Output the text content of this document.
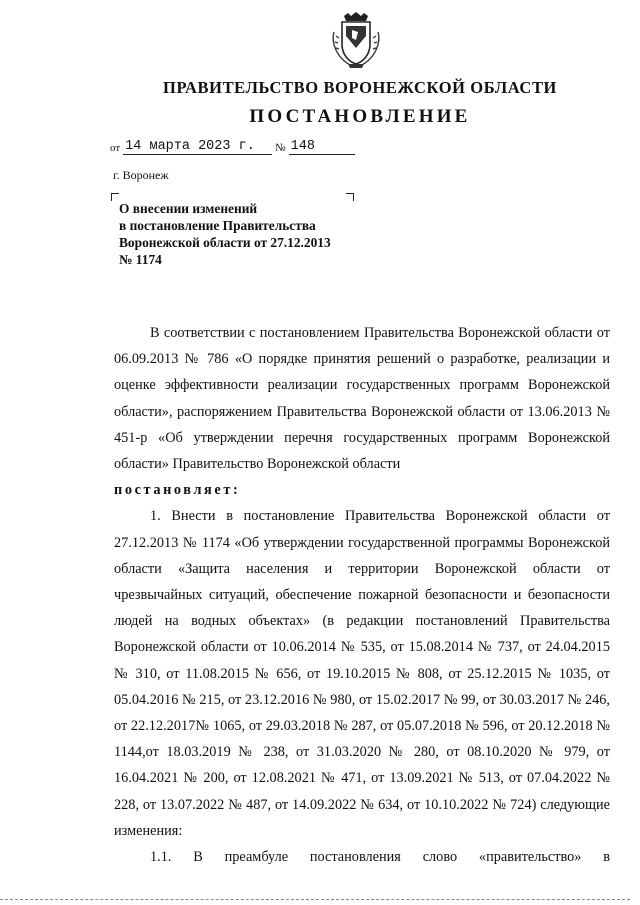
ПРАВИТЕЛЬСТВО ВОРОНЕЖСКОЙ ОБЛАСТИ
ПОСТАНОВЛЕНИЕ
от 14 марта 2023 г. № 148
г. Воронеж
О внесении изменений
в постановление Правительства
Воронежской области от 27.12.2013
№ 1174

В соответствии с постановлением Правительства Воронежской области от 06.09.2013 № 786 «О порядке принятия решений о разработке, реализации и оценке эффективности реализации государственных программ Воронежской области», распоряжением Правительства Воронежской области от 13.06.2013 № 451-р «Об утверждении перечня государственных программ Воронежской области» Правительство Воронежской области

постановляет:

1. Внести в постановление Правительства Воронежской области от 27.12.2013 № 1174 «Об утверждении государственной программы Воронежской области «Защита населения и территории Воронежской области от чрезвычайных ситуаций, обеспечение пожарной безопасности и безопасности людей на водных объектах» (в редакции постановлений Правительства Воронежской области от 10.06.2014 № 535, от 15.08.2014 № 737, от 24.04.2015 № 310, от 11.08.2015 № 656, от 19.10.2015 № 808, от 25.12.2015 № 1035, от 05.04.2016 № 215, от 23.12.2016 № 980, от 15.02.2017 № 99, от 30.03.2017 № 246, от 22.12.2017№ 1065, от 29.03.2018 № 287, от 05.07.2018 № 596, от 20.12.2018 № 1144,от 18.03.2019 № 238, от 31.03.2020 № 280, от 08.10.2020 № 979, от 16.04.2021 № 200, от 12.08.2021 № 471, от 13.09.2021 № 513, от 07.04.2022 № 228, от 13.07.2022 № 487, от 14.09.2022 № 634, от 10.10.2022 № 724) следующие изменения:

1.1. В преамбуле постановления слово «правительство» в
